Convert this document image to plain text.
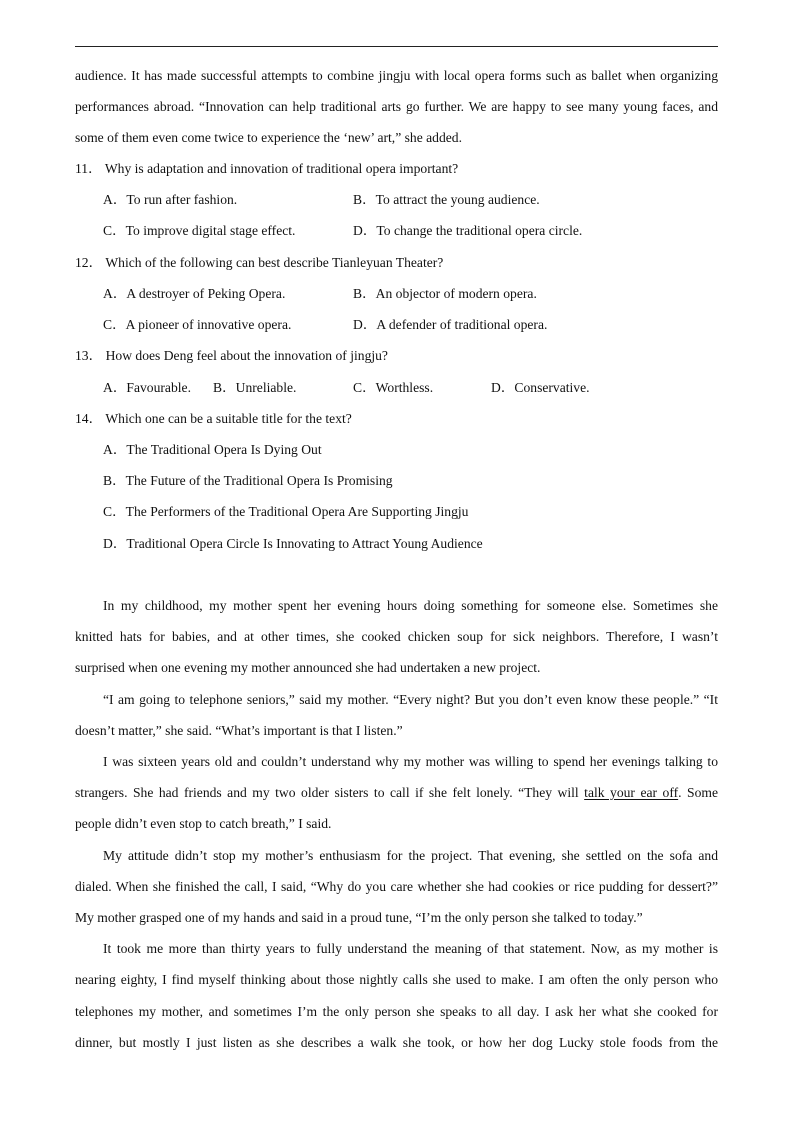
audience. It has made successful attempts to combine jingju with local opera forms such as ballet when organizing
performances abroad. “Innovation can help traditional arts go further. We are happy to see many young faces, and
some of them even come twice to experience the ‘new’ art,” she added.
11． Why is adaptation and innovation of traditional opera important?
A．To run after fashion.	B．To attract the young audience.
C．To improve digital stage effect.	D．To change the traditional opera circle.
12． Which of the following can best describe Tianleyuan Theater?
A．A destroyer of Peking Opera.	B．An objector of modern opera.
C．A pioneer of innovative opera.	D．A defender of traditional opera.
13． How does Deng feel about the innovation of jingju?
A．Favourable. B．Unreliable.	C．Worthless.	D．Conservative.
14． Which one can be a suitable title for the text?
A．The Traditional Opera Is Dying Out
B．The Future of the Traditional Opera Is Promising
C．The Performers of the Traditional Opera Are Supporting Jingju
D．Traditional Opera Circle Is Innovating to Attract Young Audience
In my childhood, my mother spent her evening hours doing something for someone else. Sometimes she
knitted hats for babies, and at other times, she cooked chicken soup for sick neighbors. Therefore, I wasn’t
surprised when one evening my mother announced she had undertaken a new project.
“I am going to telephone seniors,” said my mother. “Every night? But you don’t even know these people.” “It
doesn’t matter,” she said. “What’s important is that I listen.”
I was sixteen years old and couldn’t understand why my mother was willing to spend her evenings talking to
strangers. She had friends and my two older sisters to call if she felt lonely. “They will talk your ear off. Some
people didn’t even stop to catch breath,” I said.
My attitude didn’t stop my mother’s enthusiasm for the project. That evening, she settled on the sofa and
dialed. When she finished the call, I said, “Why do you care whether she had cookies or rice pudding for dessert?”
My mother grasped one of my hands and said in a proud tune, “I’m the only person she talked to today.”
It took me more than thirty years to fully understand the meaning of that statement. Now, as my mother is
nearing eighty, I find myself thinking about those nightly calls she used to make. I am often the only person who
telephones my mother, and sometimes I’m the only person she speaks to all day. I ask her what she cooked for
dinner, but mostly I just listen as she describes a walk she took, or how her dog Lucky stole foods from the
